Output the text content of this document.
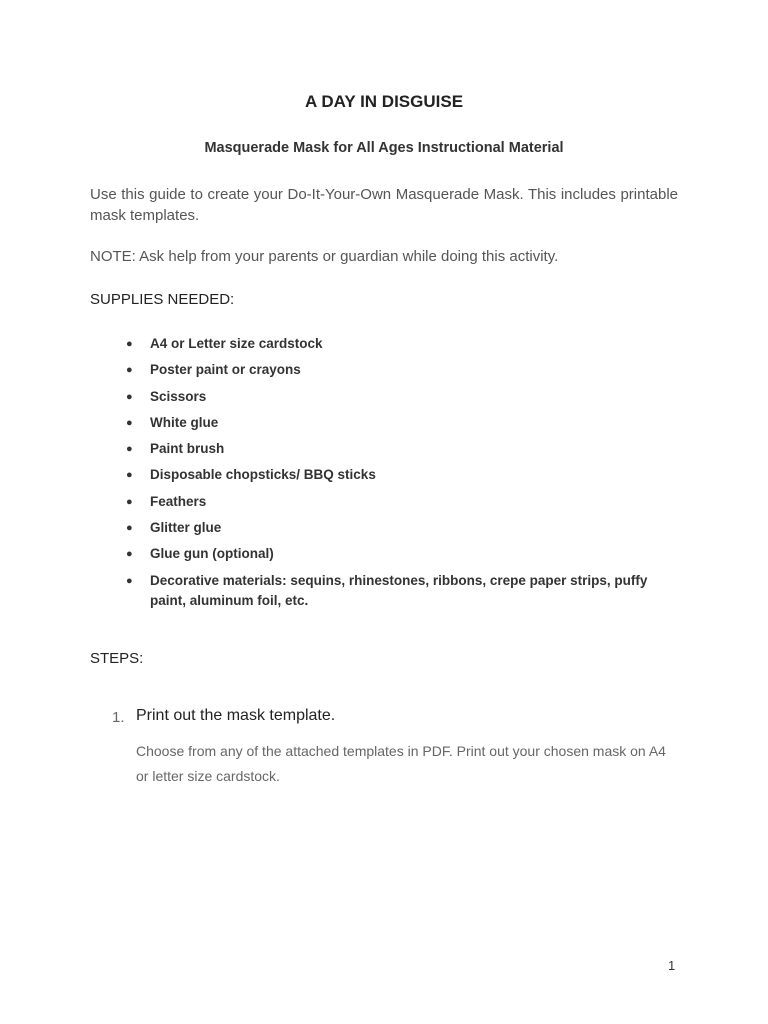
A DAY IN DISGUISE
Masquerade Mask for All Ages Instructional Material
Use this guide to create your Do-It-Your-Own Masquerade Mask. This includes printable mask templates.
NOTE: Ask help from your parents or guardian while doing this activity.
SUPPLIES NEEDED:
● A4 or Letter size cardstock
● Poster paint or crayons
● Scissors
● White glue
● Paint brush
● Disposable chopsticks/ BBQ sticks
● Feathers
● Glitter glue
● Glue gun (optional)
● Decorative materials: sequins, rhinestones, ribbons, crepe paper strips, puffy paint, aluminum foil, etc.
STEPS:
1. Print out the mask template.
Choose from any of the attached templates in PDF. Print out your chosen mask on A4 or letter size cardstock.
1
